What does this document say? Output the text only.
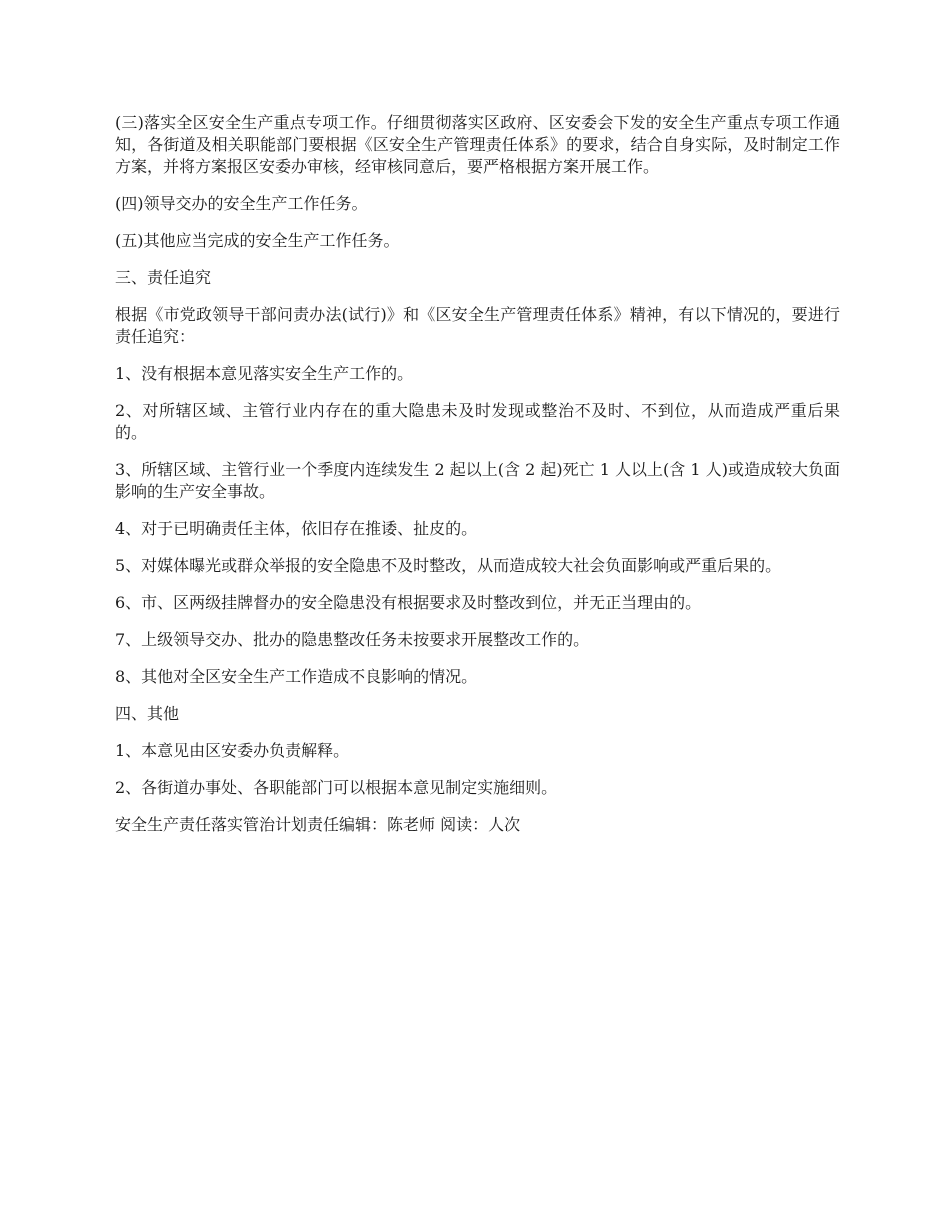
(三)落实全区安全生产重点专项工作。仔细贯彻落实区政府、区安委会下发的安全生产重点专项工作通知，各街道及相关职能部门要根据《区安全生产管理责任体系》的要求，结合自身实际，及时制定工作方案，并将方案报区安委办审核，经审核同意后，要严格根据方案开展工作。

(四)领导交办的安全生产工作任务。

(五)其他应当完成的安全生产工作任务。

三、责任追究

根据《市党政领导干部问责办法(试行)》和《区安全生产管理责任体系》精神，有以下情况的，要进行责任追究：

1、没有根据本意见落实安全生产工作的。

2、对所辖区域、主管行业内存在的重大隐患未及时发现或整治不及时、不到位，从而造成严重后果的。

3、所辖区域、主管行业一个季度内连续发生 2 起以上(含 2 起)死亡 1 人以上(含 1 人)或造成较大负面影响的生产安全事故。

4、对于已明确责任主体，依旧存在推诿、扯皮的。

5、对媒体曝光或群众举报的安全隐患不及时整改，从而造成较大社会负面影响或严重后果的。

6、市、区两级挂牌督办的安全隐患没有根据要求及时整改到位，并无正当理由的。

7、上级领导交办、批办的隐患整改任务未按要求开展整改工作的。

8、其他对全区安全生产工作造成不良影响的情况。

四、其他

1、本意见由区安委办负责解释。

2、各街道办事处、各职能部门可以根据本意见制定实施细则。

安全生产责任落实管治计划责任编辑：陈老师 阅读：人次
